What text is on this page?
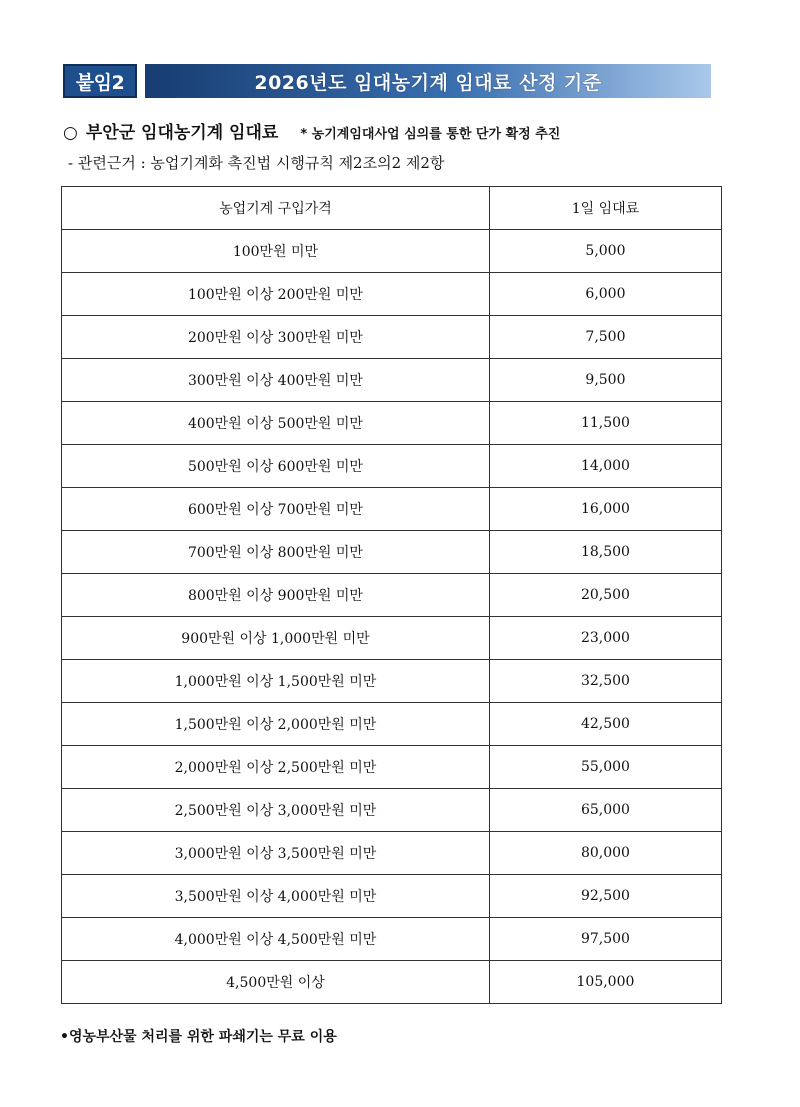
붙임2	2026년도 임대농기계 임대료 산정 기준
○ 부안군 임대농기계 임대료 * 농기계임대사업 심의를 통한 단가 확정 추진
- 관련근거 : 농업기계화 촉진법 시행규칙 제2조의2 제2항
농업기계 구입가격	1일 임대료
100만원 미만	5,000
100만원 이상 200만원 미만	6,000
200만원 이상 300만원 미만	7,500
300만원 이상 400만원 미만	9,500
400만원 이상 500만원 미만	11,500
500만원 이상 600만원 미만	14,000
600만원 이상 700만원 미만	16,000
700만원 이상 800만원 미만	18,500
800만원 이상 900만원 미만	20,500
900만원 이상 1,000만원 미만	23,000
1,000만원 이상 1,500만원 미만	32,500
1,500만원 이상 2,000만원 미만	42,500
2,000만원 이상 2,500만원 미만	55,000
2,500만원 이상 3,000만원 미만	65,000
3,000만원 이상 3,500만원 미만	80,000
3,500만원 이상 4,000만원 미만	92,500
4,000만원 이상 4,500만원 미만	97,500
4,500만원 이상	105,000
•영농부산물 처리를 위한 파쇄기는 무료 이용
